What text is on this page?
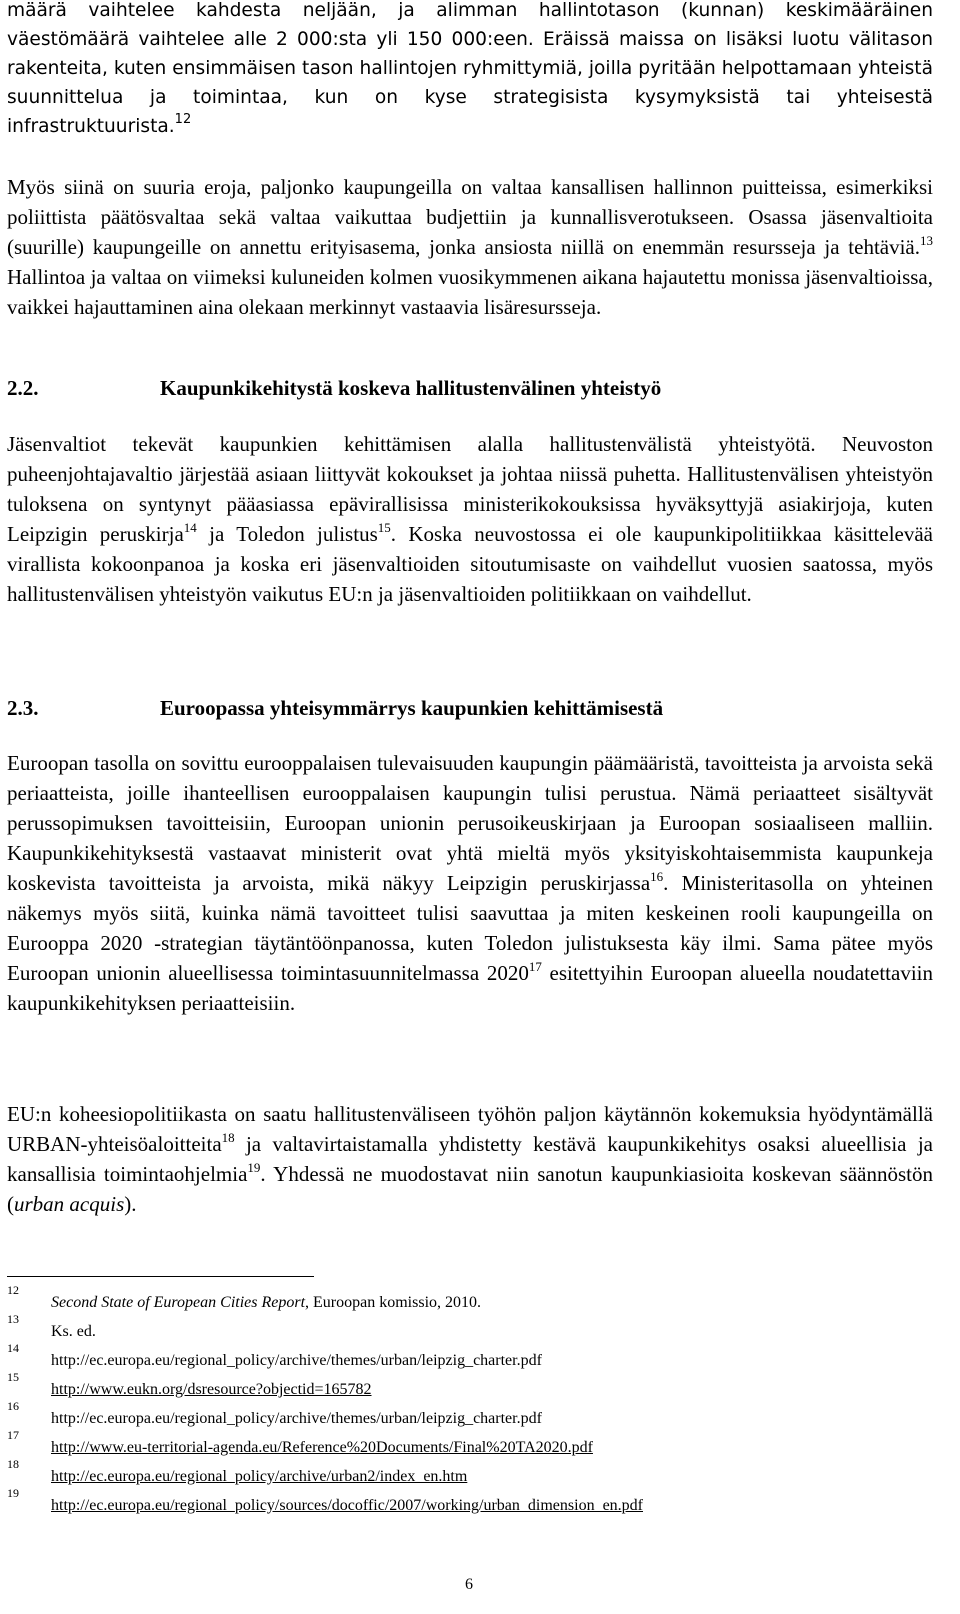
määrä vaihtelee kahdesta neljään, ja alimman hallintotason (kunnan) keskimääräinen väestömäärä vaihtelee alle 2 000:sta yli 150 000:een. Eräissä maissa on lisäksi luotu välitason rakenteita, kuten ensimmäisen tason hallintojen ryhmittymiä, joilla pyritään helpottamaan yhteistä suunnittelua ja toimintaa, kun on kyse strategisista kysymyksistä tai yhteisestä infrastruktuurista.$^{12}$

Myös siinä on suuria eroja, paljonko kaupungeilla on valtaa kansallisen hallinnon puitteissa, esimerkiksi poliittista päätösvaltaa sekä valtaa vaikuttaa budjettiin ja kunnallisverotukseen. Osassa jäsenvaltioita (suurille) kaupungeille on annettu erityisasema, jonka ansiosta niillä on enemmän resursseja ja tehtäviä.$^{13}$ Hallintoa ja valtaa on viimeksi kuluneiden kolmen vuosikymmenen aikana hajautettu monissa jäsenvaltioissa, vaikkei hajauttaminen aina olekaan merkinnyt vastaavia lisäresursseja.

2.2.	Kaupunkikehitystä koskeva hallitustenvälinen yhteistyö

Jäsenvaltiot tekevät kaupunkien kehittämisen alalla hallitustenvälistä yhteistyötä. Neuvoston puheenjohtajavaltio järjestää asiaan liittyvät kokoukset ja johtaa niissä puhetta. Hallitustenvälisen yhteistyön tuloksena on syntynyt pääasiassa epävirallisissa ministerikokouksissa hyväksyttyjä asiakirjoja, kuten Leipzigin peruskirja$^{14}$ ja Toledon julistus$^{15}$. Koska neuvostossa ei ole kaupunkipolitiikkaa käsittelevää virallista kokoonpanoa ja koska eri jäsenvaltioiden sitoutumisaste on vaihdellut vuosien saatossa, myös hallitustenvälisen yhteistyön vaikutus EU:n ja jäsenvaltioiden politiikkaan on vaihdellut.

2.3.	Euroopassa yhteisymmärrys kaupunkien kehittämisestä

Euroopan tasolla on sovittu eurooppalaisen tulevaisuuden kaupungin päämääristä, tavoitteista ja arvoista sekä periaatteista, joille ihanteellisen eurooppalaisen kaupungin tulisi perustua. Nämä periaatteet sisältyvät perussopimuksen tavoitteisiin, Euroopan unionin perusoikeuskirjaan ja Euroopan sosiaaliseen malliin. Kaupunkikehityksestä vastaavat ministerit ovat yhtä mieltä myös yksityiskohtaisemmista kaupunkeja koskevista tavoitteista ja arvoista, mikä näkyy Leipzigin peruskirjassa$^{16}$. Ministeritasolla on yhteinen näkemys myös siitä, kuinka nämä tavoitteet tulisi saavuttaa ja miten keskeinen rooli kaupungeilla on Eurooppa 2020 -strategian täytäntöönpanossa, kuten Toledon julistuksesta käy ilmi. Sama pätee myös Euroopan unionin alueellisessa toimintasuunnitelmassa 2020$^{17}$ esitettyihin Euroopan alueella noudatettaviin kaupunkikehityksen periaatteisiin.

EU:n koheesiopolitiikasta on saatu hallitustenväliseen työhön paljon käytännön kokemuksia hyödyntämällä URBAN-yhteisöaloitteita$^{18}$ ja valtavirtaistamalla yhdistetty kestävä kaupunkikehitys osaksi alueellisia ja kansallisia toimintaohjelmia$^{19}$. Yhdessä ne muodostavat niin sanotun kaupunkiasioita koskevan säännöstön (urban acquis).

12
Second State of European Cities Report, Euroopan komissio, 2010.
13
Ks. ed.
14
http://ec.europa.eu/regional_policy/archive/themes/urban/leipzig_charter.pdf
15
http://www.eukn.org/dsresource?objectid=165782
16
http://ec.europa.eu/regional_policy/archive/themes/urban/leipzig_charter.pdf
17
http://www.eu-territorial-agenda.eu/Reference%20Documents/Final%20TA2020.pdf
18
http://ec.europa.eu/regional_policy/archive/urban2/index_en.htm
19
http://ec.europa.eu/regional_policy/sources/docoffic/2007/working/urban_dimension_en.pdf
6
